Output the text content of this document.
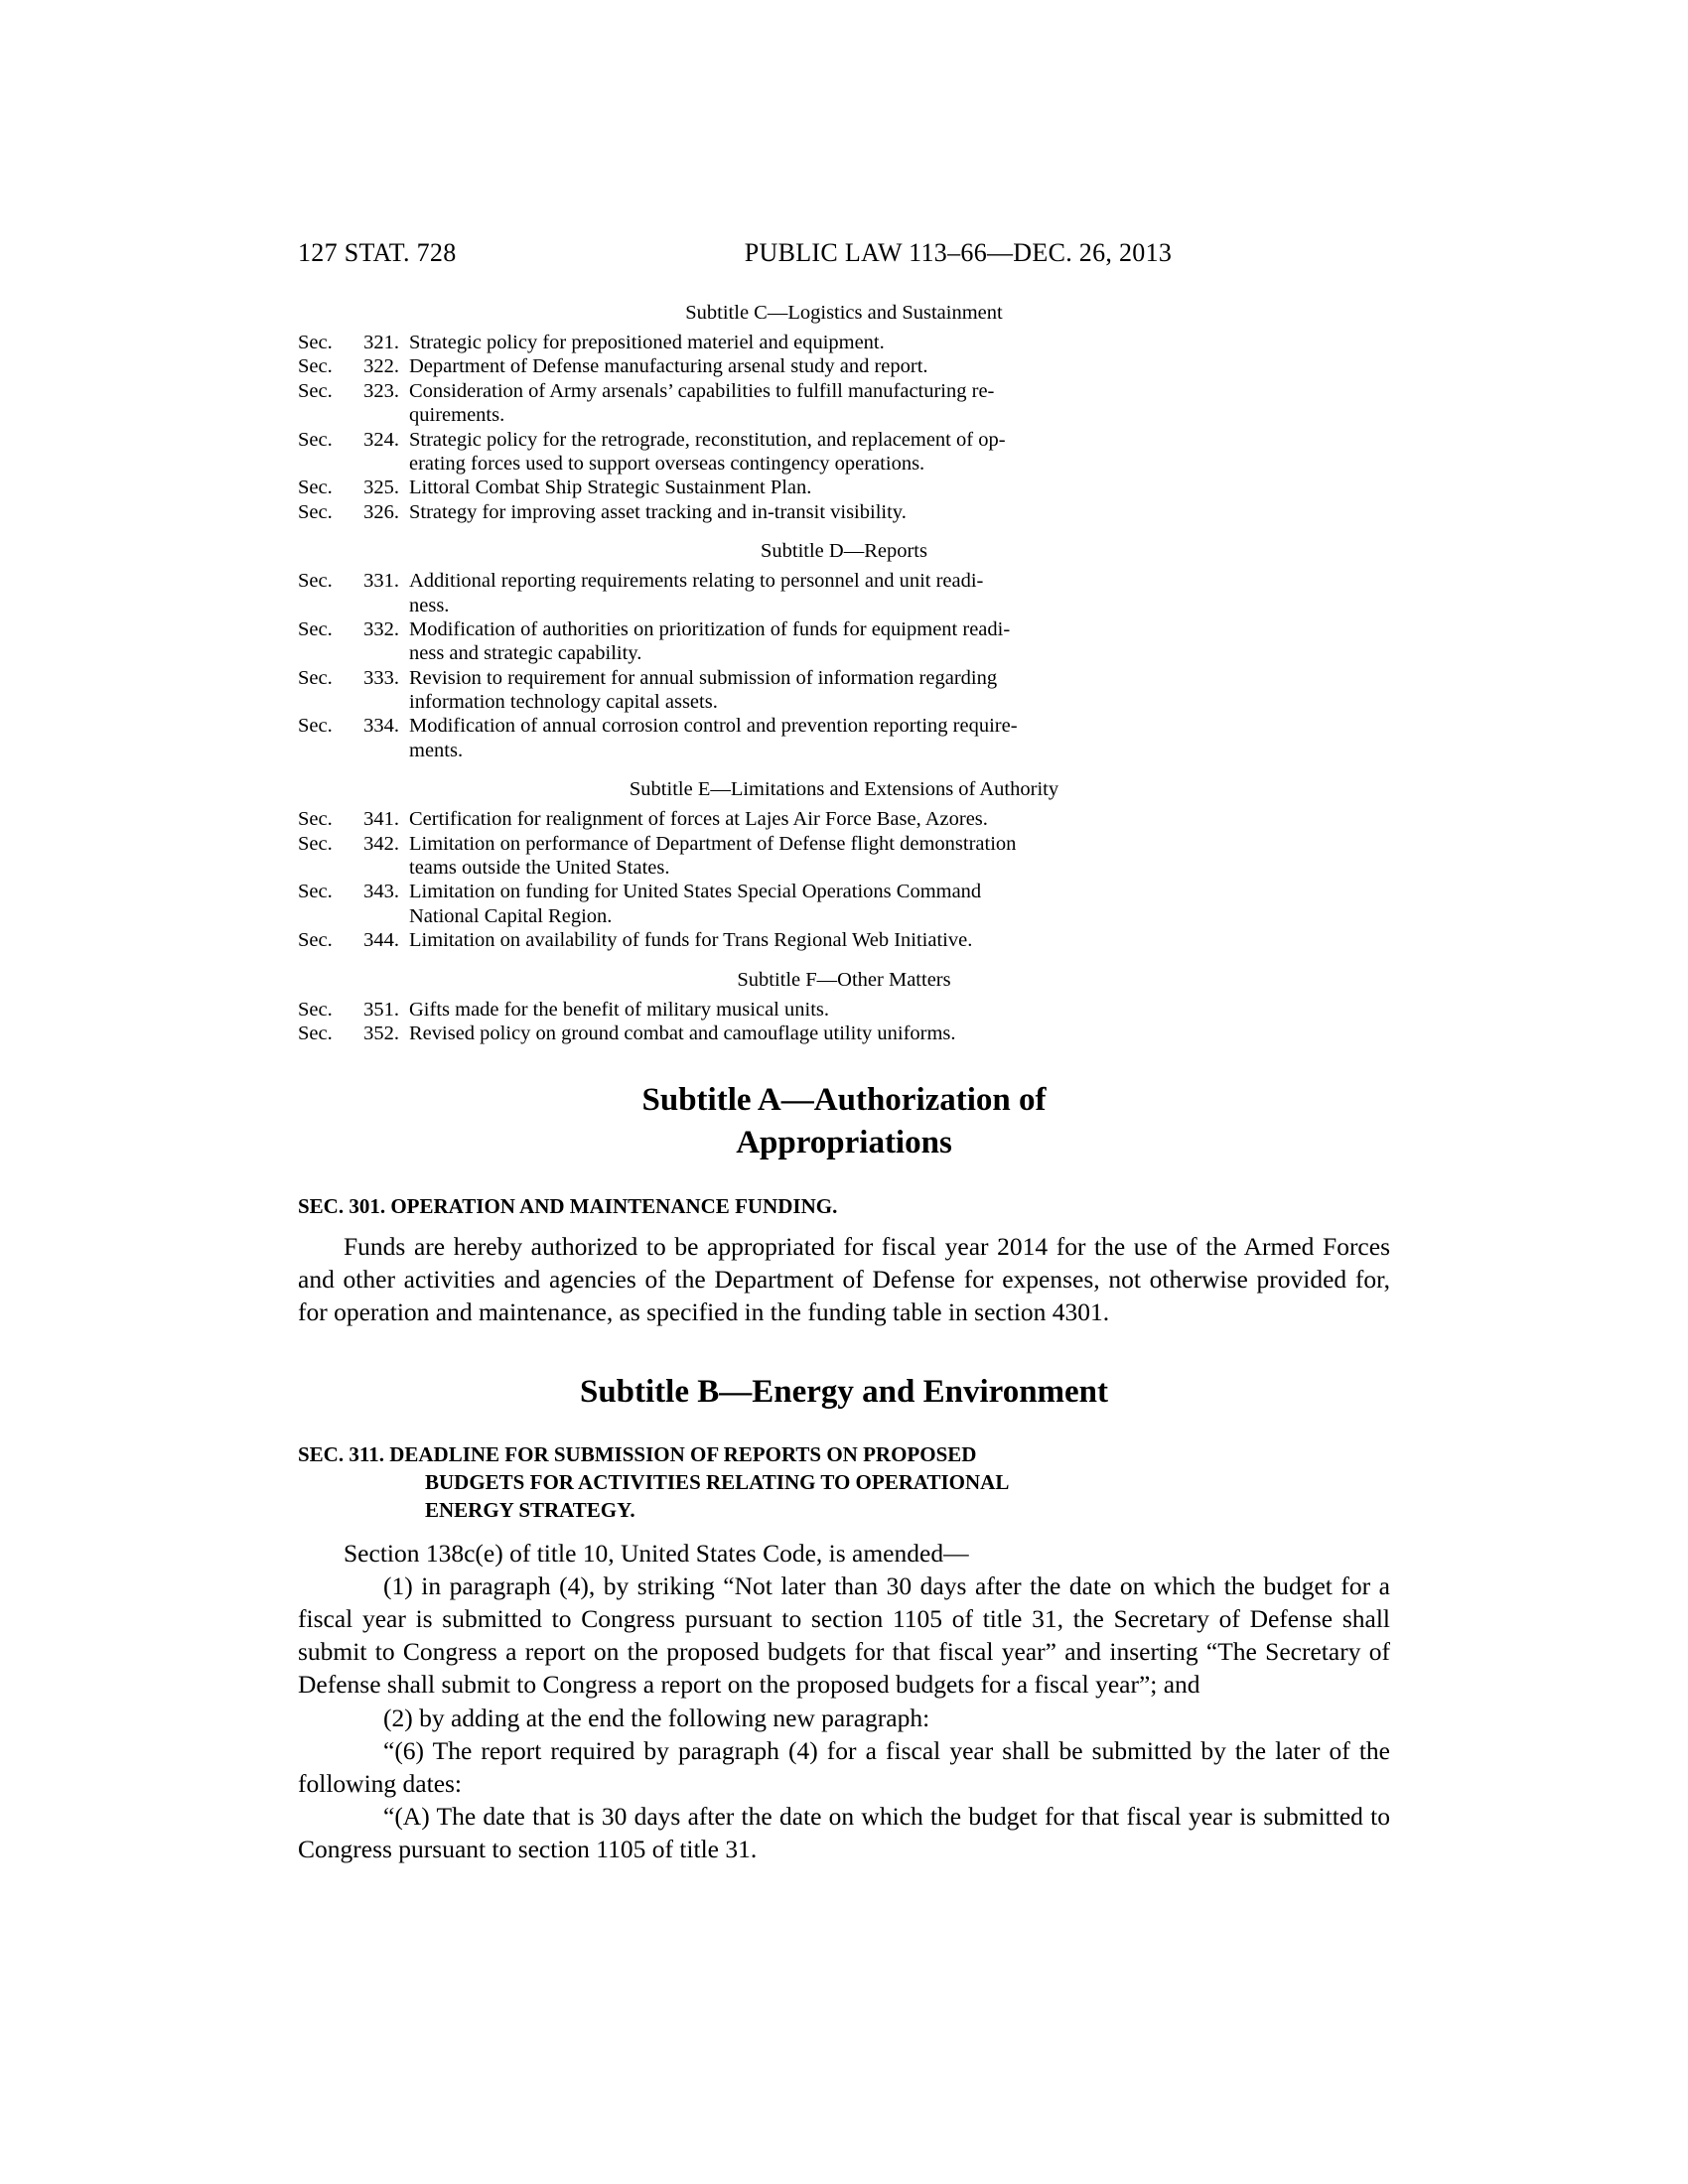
127 STAT. 728	PUBLIC LAW 113–66—DEC. 26, 2013
Subtitle C—Logistics and Sustainment
Sec. 321. Strategic policy for prepositioned materiel and equipment.
Sec. 322. Department of Defense manufacturing arsenal study and report.
Sec. 323. Consideration of Army arsenals’ capabilities to fulfill manufacturing re-
quirements.
Sec. 324. Strategic policy for the retrograde, reconstitution, and replacement of op-
erating forces used to support overseas contingency operations.
Sec. 325. Littoral Combat Ship Strategic Sustainment Plan.
Sec. 326. Strategy for improving asset tracking and in-transit visibility.
Subtitle D—Reports
Sec. 331. Additional reporting requirements relating to personnel and unit readi-
ness.
Sec. 332. Modification of authorities on prioritization of funds for equipment readi-
ness and strategic capability.
Sec. 333. Revision to requirement for annual submission of information regarding
information technology capital assets.
Sec. 334. Modification of annual corrosion control and prevention reporting require-
ments.
Subtitle E—Limitations and Extensions of Authority
Sec. 341. Certification for realignment of forces at Lajes Air Force Base, Azores.
Sec. 342. Limitation on performance of Department of Defense flight demonstration
teams outside the United States.
Sec. 343. Limitation on funding for United States Special Operations Command
National Capital Region.
Sec. 344. Limitation on availability of funds for Trans Regional Web Initiative.
Subtitle F—Other Matters
Sec. 351. Gifts made for the benefit of military musical units.
Sec. 352. Revised policy on ground combat and camouflage utility uniforms.
Subtitle A—Authorization of
Appropriations
SEC. 301. OPERATION AND MAINTENANCE FUNDING.

Funds are hereby authorized to be appropriated for fiscal year 2014 for the use of the Armed Forces and other activities and agencies of the Department of Defense for expenses, not otherwise provided for, for operation and maintenance, as specified in the funding table in section 4301.

Subtitle B—Energy and Environment
SEC. 311. DEADLINE FOR SUBMISSION OF REPORTS ON PROPOSED
BUDGETS FOR ACTIVITIES RELATING TO OPERATIONAL
ENERGY STRATEGY.

Section 138c(e) of title 10, United States Code, is amended—

(1) in paragraph (4), by striking “Not later than 30 days after the date on which the budget for a fiscal year is submitted to Congress pursuant to section 1105 of title 31, the Secretary of Defense shall submit to Congress a report on the proposed budgets for that fiscal year” and inserting “The Secretary of Defense shall submit to Congress a report on the proposed budgets for a fiscal year”; and

(2) by adding at the end the following new paragraph:

“(6) The report required by paragraph (4) for a fiscal year shall be submitted by the later of the following dates:

“(A) The date that is 30 days after the date on which the budget for that fiscal year is submitted to Congress pursuant to section 1105 of title 31.
